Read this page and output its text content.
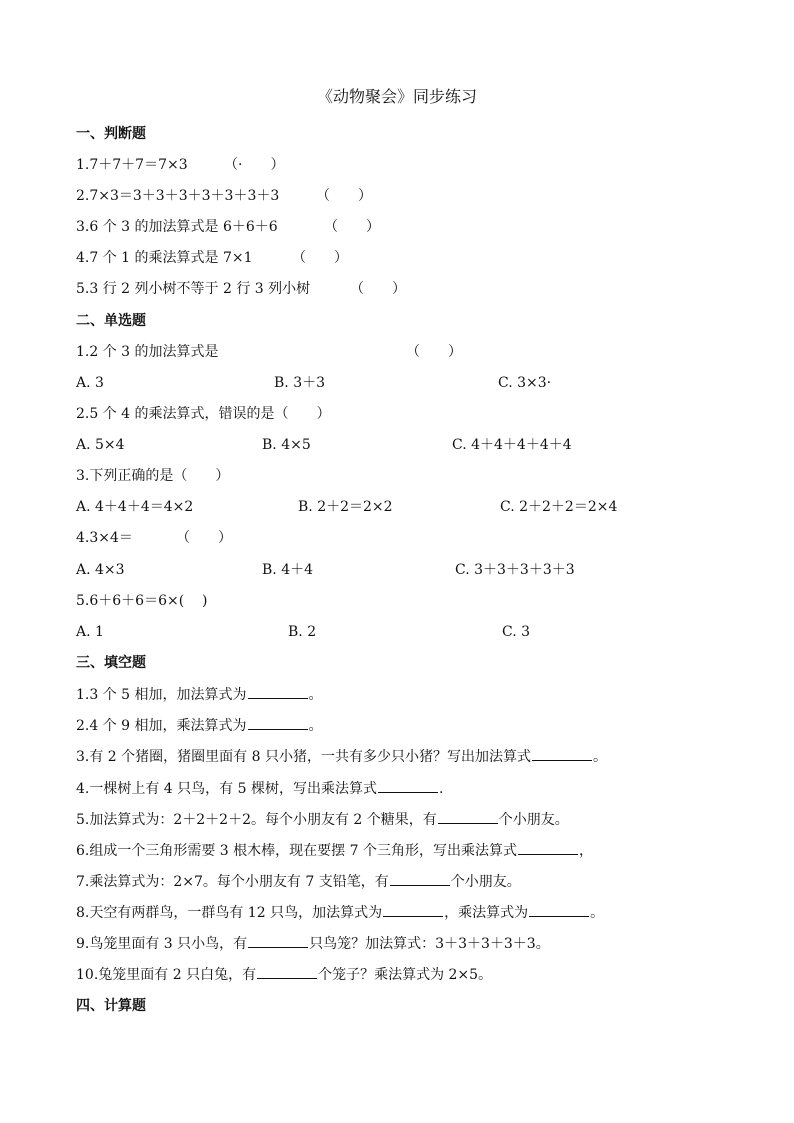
《动物聚会》同步练习
一、判断题
1.7＋7＋7＝7×3	（·　　）
2.7×3＝3＋3＋3＋3＋3＋3＋3	（　　）
3.6 个 3 的加法算式是 6＋6＋6	（　　）
4.7 个 1 的乘法算式是 7×1	（　　）
5.3 行 2 列小树不等于 2 行 3 列小树	（　　）
二、单选题
1.2 个 3 的加法算式是	（　　）
A. 3	B. 3＋3	C. 3×3·
2.5 个 4 的乘法算式，错误的是（　　）
A. 5×4	B. 4×5	C. 4＋4＋4＋4＋4
3.下列正确的是（　　）
A. 4＋4＋4＝4×2	B. 2＋2＝2×2	C. 2＋2＋2＝2×4
4.3×4＝	（　　）
A. 4×3	B. 4＋4	C. 3＋3＋3＋3＋3
5.6＋6＋6＝6×(    )
A. 1	B. 2	C. 3
三、填空题
1.3 个 5 相加，加法算式为	。
2.4 个 9 相加，乘法算式为	。
3.有 2 个猪圈，猪圈里面有 8 只小猪，一共有多少只小猪？写出加法算式	。
4.一棵树上有 4 只鸟，有 5 棵树，写出乘法算式	.
5.加法算式为：2＋2＋2＋2。每个小朋友有 2 个糖果，有	个小朋友。
6.组成一个三角形需要 3 根木棒，现在要摆 7 个三角形，写出乘法算式	，
7.乘法算式为：2×7。每个小朋友有 7 支铅笔，有	个小朋友。
8.天空有两群鸟，一群鸟有 12 只鸟，加法算式为	，乘法算式为	。
9.鸟笼里面有 3 只小鸟，有	只鸟笼？加法算式：3＋3＋3＋3＋3。
10.兔笼里面有 2 只白兔，有	个笼子？乘法算式为 2×5。
四、计算题
